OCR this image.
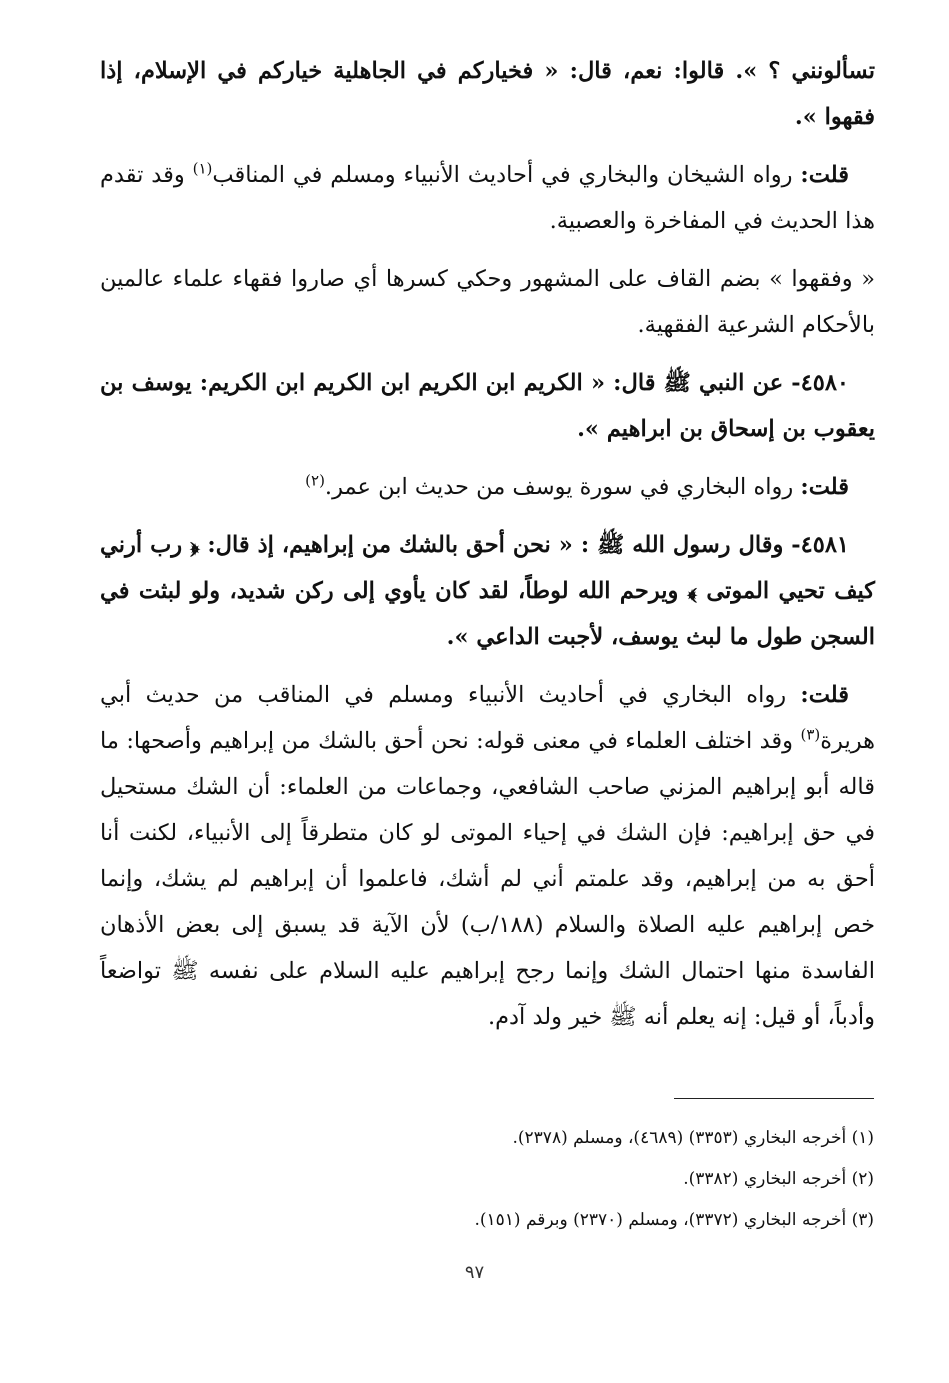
تسألونني ؟ ». قالوا: نعم، قال: « فخياركم في الجاهلية خياركم في الإسلام، إذا فقهوا ».

قلت: رواه الشيخان والبخاري في أحاديث الأنبياء ومسلم في المناقب$^{(١)}$ وقد تقدم هذا الحديث في المفاخرة والعصبية.

« وفقهوا » بضم القاف على المشهور وحكي كسرها أي صاروا فقهاء علماء عالمين بالأحكام الشرعية الفقهية.

٤٥٨٠- عن النبي ﷺ قال: « الكريم ابن الكريم ابن الكريم ابن الكريم: يوسف بن يعقوب بن إسحاق بن ابراهيم ».

قلت: رواه البخاري في سورة يوسف من حديث ابن عمر.$^{(٢)}$

٤٥٨١- وقال رسول الله ﷺ : « نحن أحق بالشك من إبراهيم، إذ قال: ﴿ رب أرني كيف تحيي الموتى ﴾ ويرحم الله لوطاً، لقد كان يأوي إلى ركن شديد، ولو لبثت في السجن طول ما لبث يوسف، لأجبت الداعي ».

قلت: رواه البخاري في أحاديث الأنبياء ومسلم في المناقب من حديث أبي هريرة$^{(٣)}$ وقد اختلف العلماء في معنى قوله: نحن أحق بالشك من إبراهيم وأصحها: ما قاله أبو إبراهيم المزني صاحب الشافعي، وجماعات من العلماء: أن الشك مستحيل في حق إبراهيم: فإن الشك في إحياء الموتى لو كان متطرقاً إلى الأنبياء، لكنت أنا أحق به من إبراهيم، وقد علمتم أني لم أشك، فاعلموا أن إبراهيم لم يشك، وإنما خص إبراهيم عليه الصلاة والسلام (١٨٨/ب) لأن الآية قد يسبق إلى بعض الأذهان الفاسدة منها احتمال الشك وإنما رجح إبراهيم عليه السلام على نفسه ﷺ تواضعاً وأدباً، أو قيل: إنه يعلم أنه ﷺ خير ولد آدم.

(١) أخرجه البخاري (٣٣٥٣) (٤٦٨٩)، ومسلم (٢٣٧٨).

(٢) أخرجه البخاري (٣٣٨٢).

(٣) أخرجه البخاري (٣٣٧٢)، ومسلم (٢٣٧٠) وبرقم (١٥١).

٩٧
